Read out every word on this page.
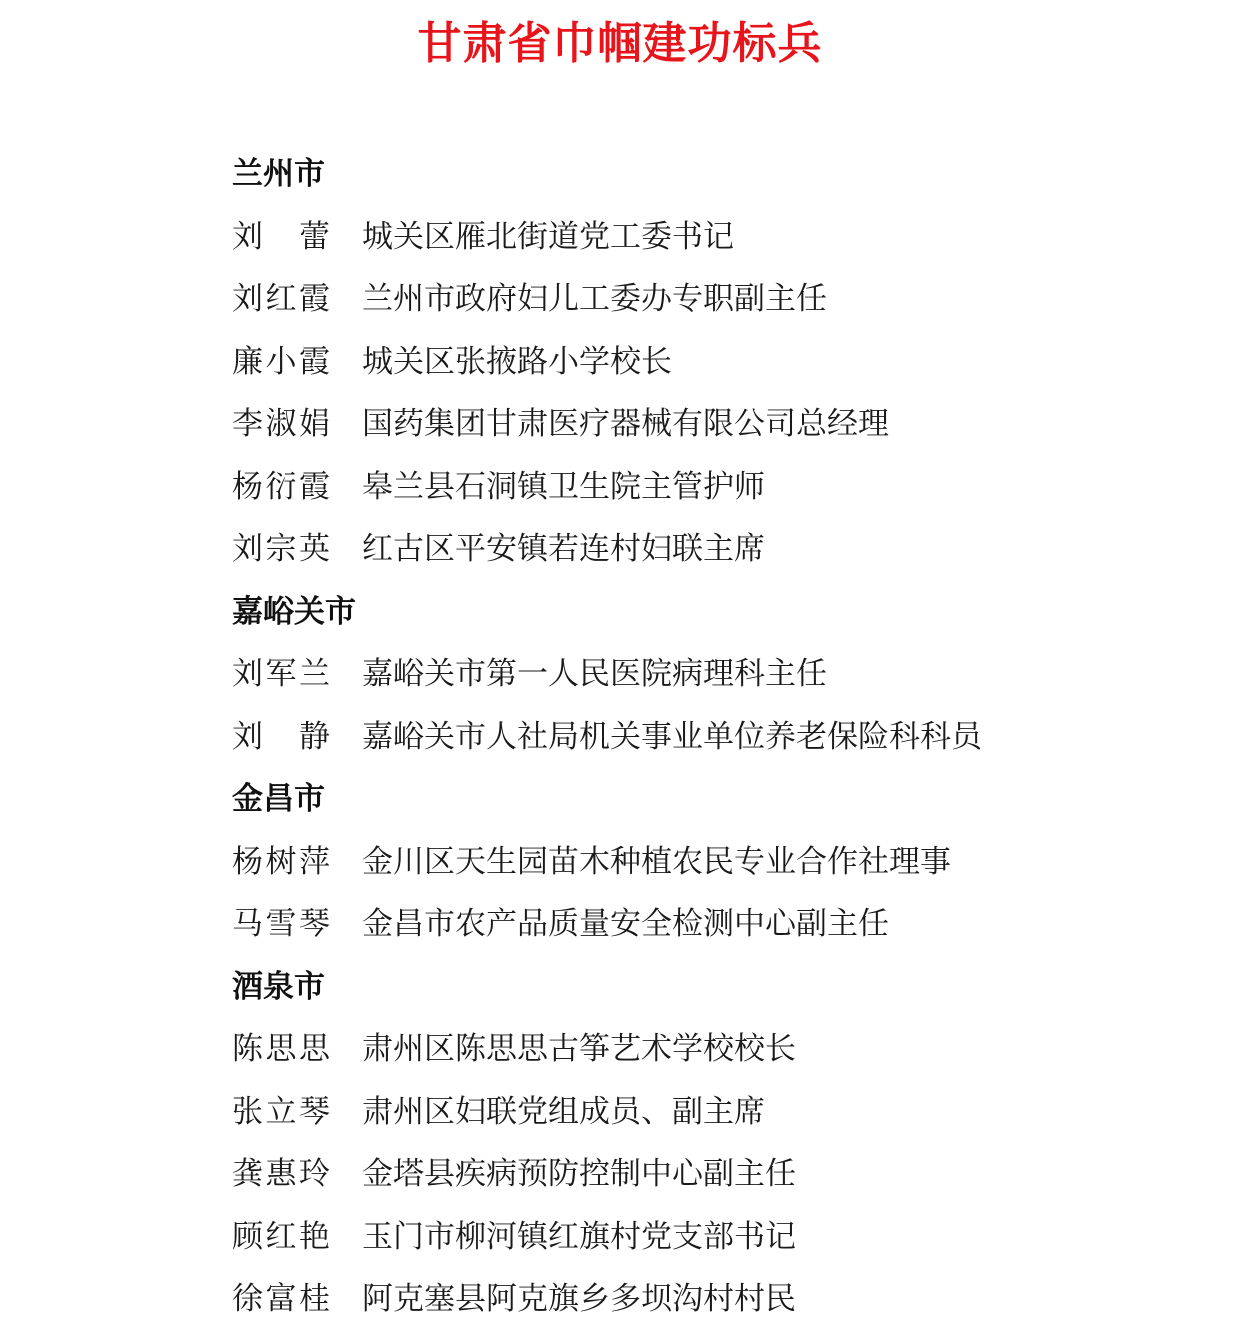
甘肃省巾帼建功标兵
兰州市
刘　蕾 城关区雁北街道党工委书记
刘红霞 兰州市政府妇儿工委办专职副主任
廉小霞 城关区张掖路小学校长
李淑娟 国药集团甘肃医疗器械有限公司总经理
杨衍霞 皋兰县石洞镇卫生院主管护师
刘宗英 红古区平安镇若连村妇联主席
嘉峪关市
刘军兰 嘉峪关市第一人民医院病理科主任
刘　静 嘉峪关市人社局机关事业单位养老保险科科员
金昌市
杨树萍 金川区天生园苗木种植农民专业合作社理事
马雪琴 金昌市农产品质量安全检测中心副主任
酒泉市
陈思思 肃州区陈思思古筝艺术学校校长
张立琴 肃州区妇联党组成员、副主席
龚惠玲 金塔县疾病预防控制中心副主任
顾红艳 玉门市柳河镇红旗村党支部书记
徐富桂 阿克塞县阿克旗乡多坝沟村村民
